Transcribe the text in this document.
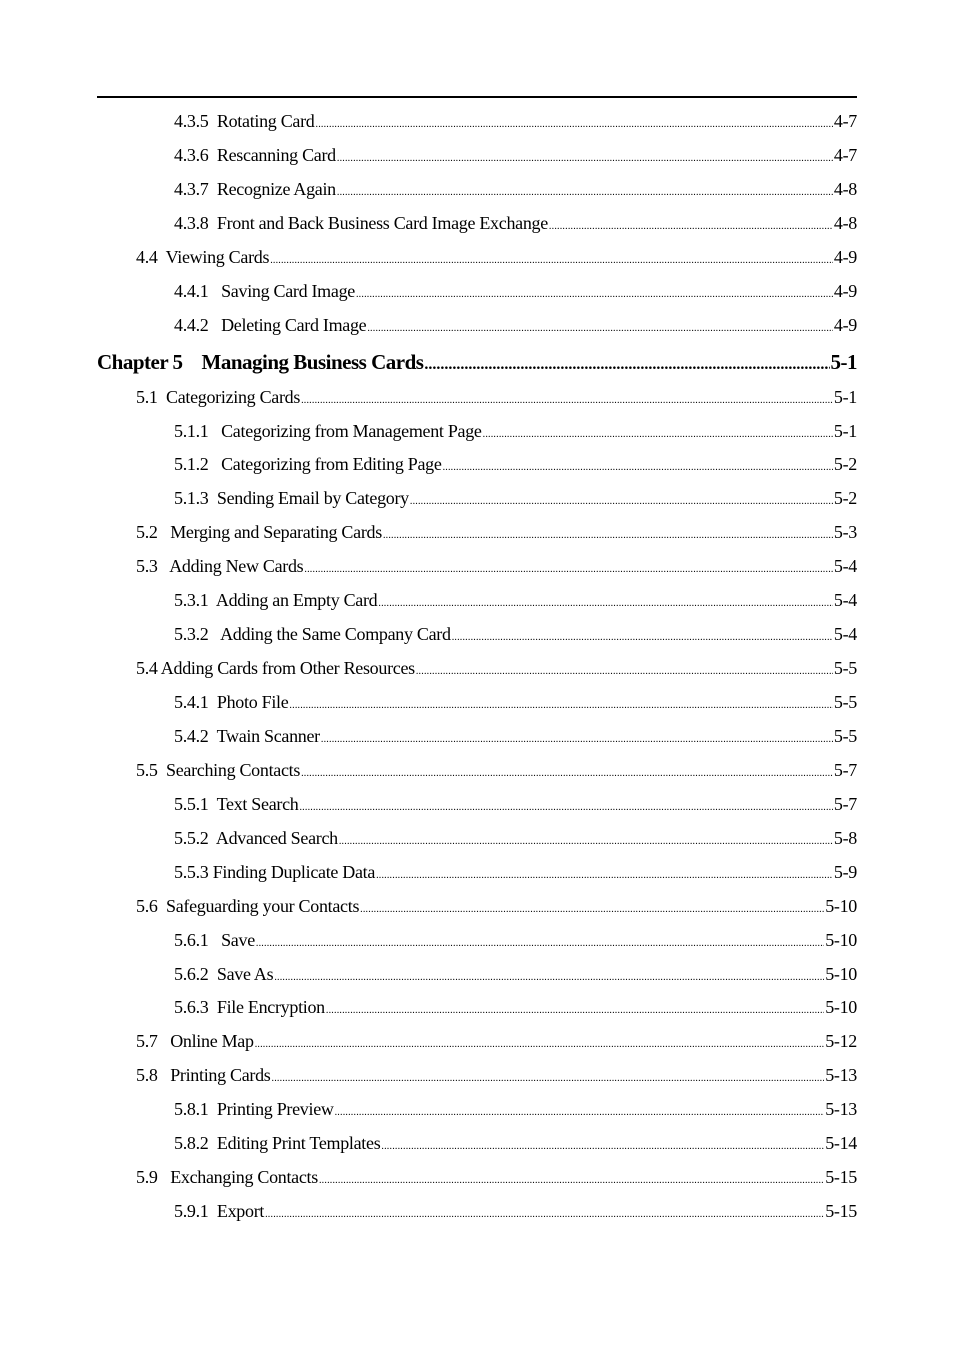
4.3.5  Rotating Card .....	4-7
4.3.6  Rescanning Card .....	4-7
4.3.7  Recognize Again .....	4-8
4.3.8  Front and Back Business Card Image Exchange .....	4-8
4.4  Viewing Cards .....	4-9
4.4.1   Saving Card Image .....	4-9
4.4.2   Deleting Card Image .....	4-9
Chapter 5    Managing Business Cards .....	5-1
5.1  Categorizing Cards .....	5-1
5.1.1   Categorizing from Management Page .....	5-1
5.1.2   Categorizing from Editing Page .....	5-2
5.1.3  Sending Email by Category .....	5-2
5.2   Merging and Separating Cards .....	5-3
5.3   Adding New Cards .....	5-4
5.3.1  Adding an Empty Card .....	5-4
5.3.2   Adding the Same Company Card .....	5-4
5.4 Adding Cards from Other Resources .....	5-5
5.4.1  Photo File .....	5-5
5.4.2  Twain Scanner .....	5-5
5.5  Searching Contacts .....	5-7
5.5.1  Text Search .....	5-7
5.5.2  Advanced Search .....	5-8
5.5.3 Finding Duplicate Data .....	5-9
5.6  Safeguarding your Contacts .....	5-10
5.6.1   Save .....	5-10
5.6.2  Save As .....	5-10
5.6.3  File Encryption .....	5-10
5.7   Online Map .....	5-12
5.8   Printing Cards .....	5-13
5.8.1  Printing Preview .....	5-13
5.8.2  Editing Print Templates .....	5-14
5.9   Exchanging Contacts .....	5-15
5.9.1  Export .....	5-15
